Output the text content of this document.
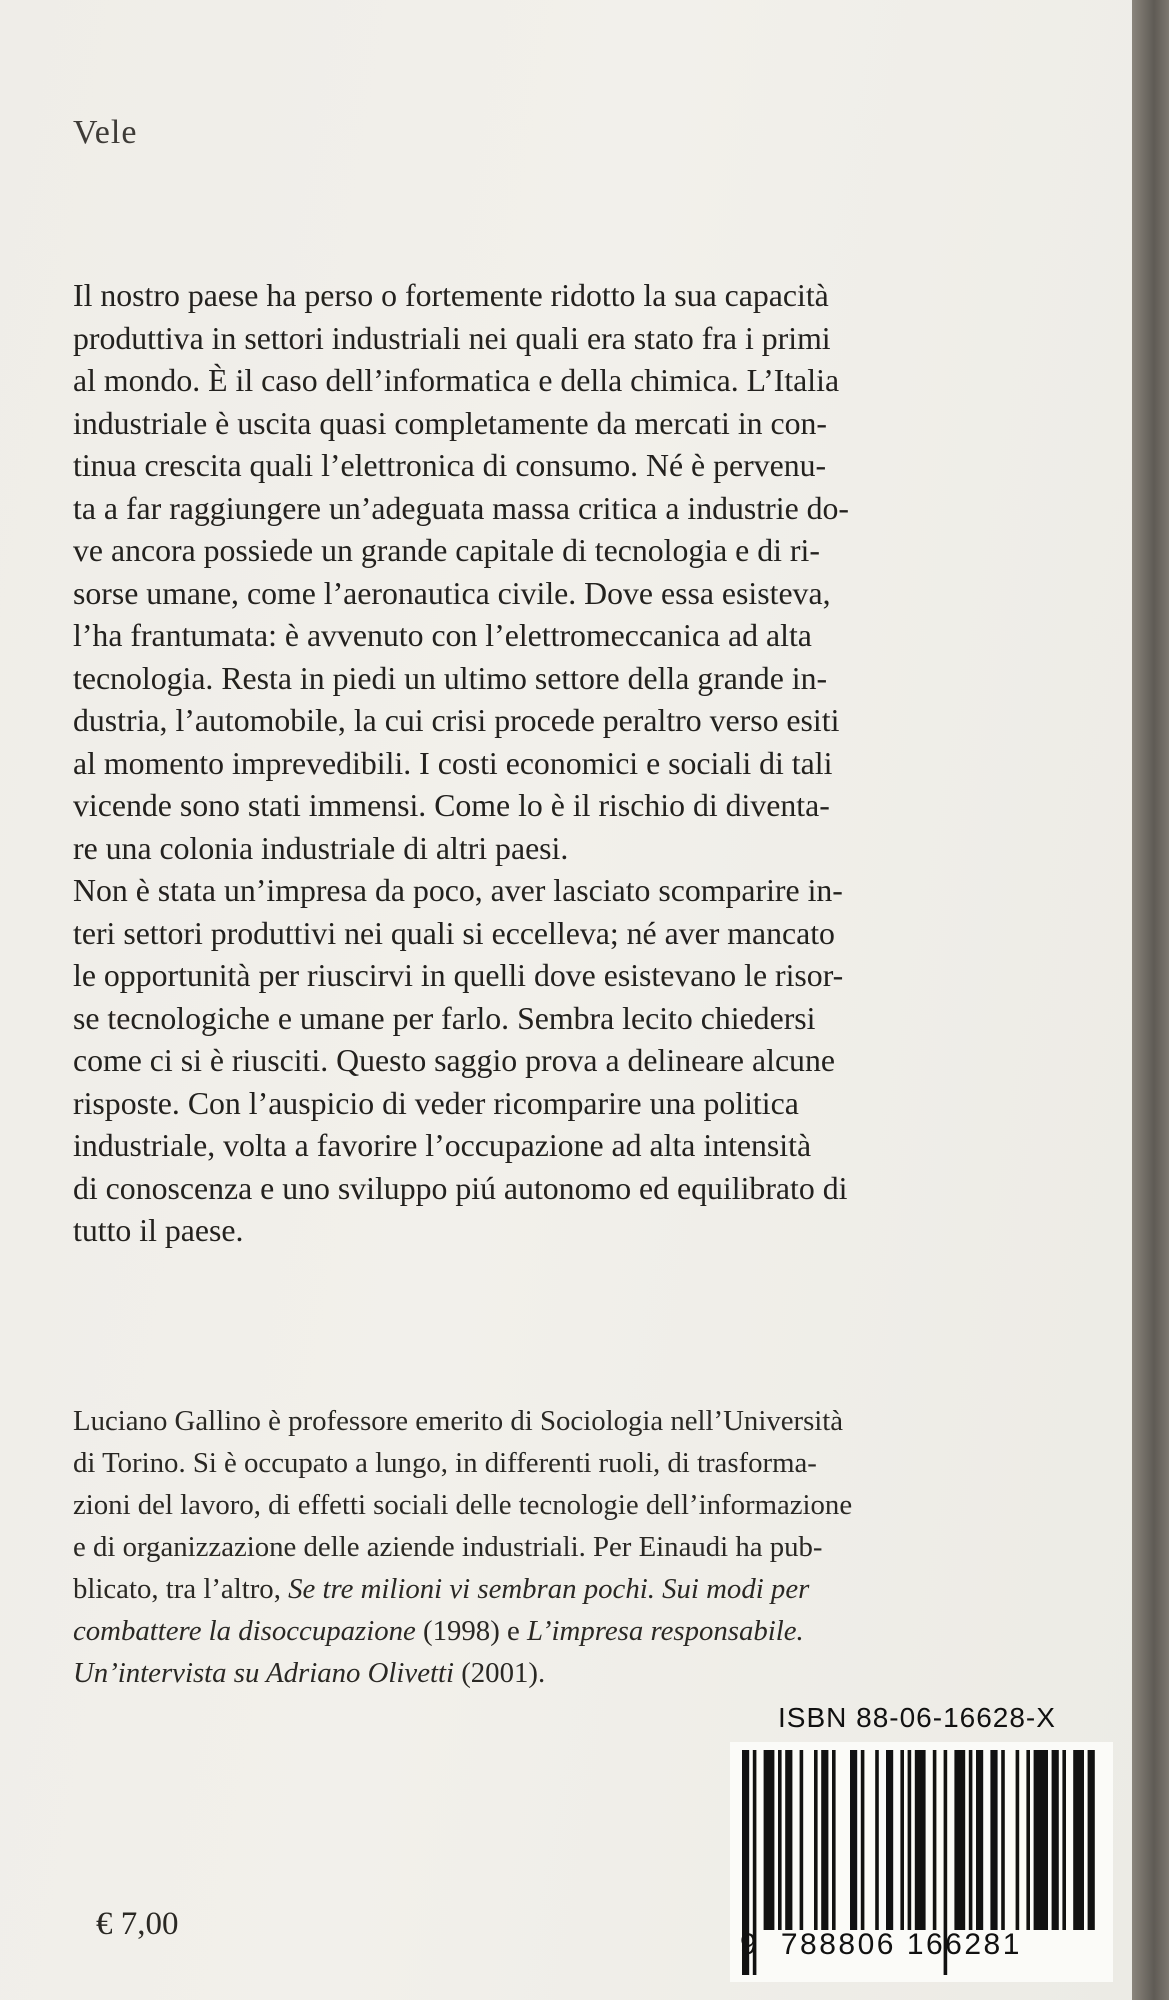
Vele

Il nostro paese ha perso o fortemente ridotto la sua capacità

produttiva in settori industriali nei quali era stato fra i primi

al mondo. È il caso dell’informatica e della chimica. L’Italia

industriale è uscita quasi completamente da mercati in con-

tinua crescita quali l’elettronica di consumo. Né è pervenu-

ta a far raggiungere un’adeguata massa critica a industrie do-

ve ancora possiede un grande capitale di tecnologia e di ri-

sorse umane, come l’aeronautica civile. Dove essa esisteva,

l’ha frantumata: è avvenuto con l’elettromeccanica ad alta

tecnologia. Resta in piedi un ultimo settore della grande in-

dustria, l’automobile, la cui crisi procede peraltro verso esiti

al momento imprevedibili. I costi economici e sociali di tali

vicende sono stati immensi. Come lo è il rischio di diventa-

re una colonia industriale di altri paesi.

Non è stata un’impresa da poco, aver lasciato scomparire in-

teri settori produttivi nei quali si eccelleva; né aver mancato

le opportunità per riuscirvi in quelli dove esistevano le risor-

se tecnologiche e umane per farlo. Sembra lecito chiedersi

come ci si è riusciti. Questo saggio prova a delineare alcune

risposte. Con l’auspicio di veder ricomparire una politica

industriale, volta a favorire l’occupazione ad alta intensità

di conoscenza e uno sviluppo piú autonomo ed equilibrato di

tutto il paese.

Luciano Gallino è professore emerito di Sociologia nell’Università

di Torino. Si è occupato a lungo, in differenti ruoli, di trasforma-

zioni del lavoro, di effetti sociali delle tecnologie dell’informazione

e di organizzazione delle aziende industriali. Per Einaudi ha pub-

blicato, tra l’altro, Se tre milioni vi sembran pochi. Sui modi per

combattere la disoccupazione (1998) e L’impresa responsabile.

Un’intervista su Adriano Olivetti (2001).

ISBN 88-06-16628-X
9 788806 166281
€ 7,00
